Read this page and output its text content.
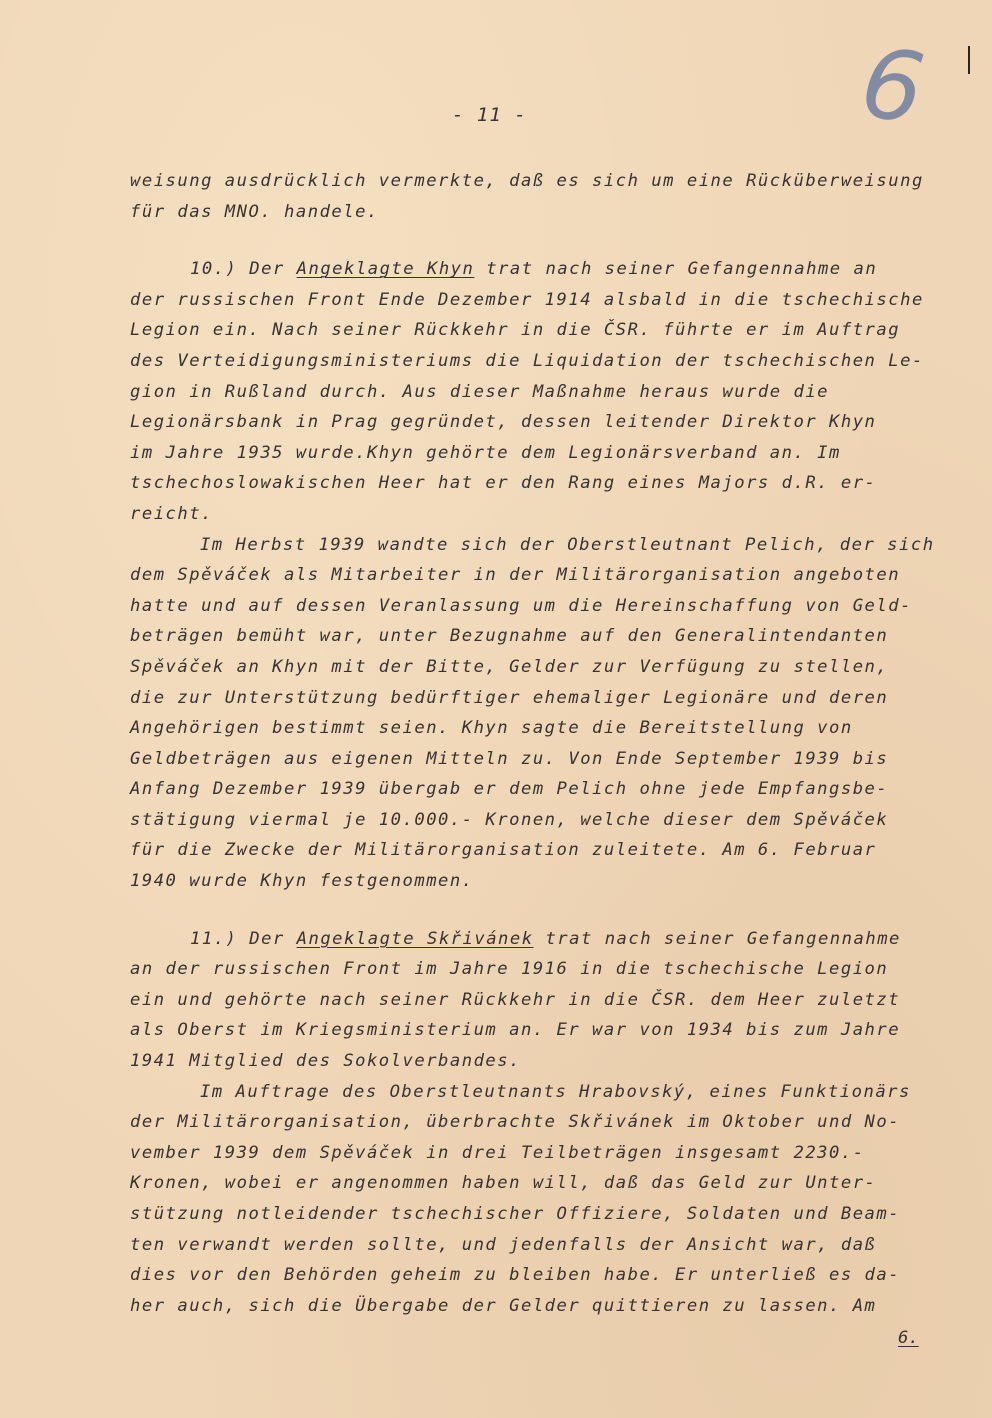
6
- 11 -
weisung ausdrücklich vermerkte, daß es sich um eine Rücküberweisung
für das MNO. handele.
10.) Der Angeklagte Khyn trat nach seiner Gefangennahme an
der russischen Front Ende Dezember 1914 alsbald in die tschechische
Legion ein. Nach seiner Rückkehr in die ČSR. führte er im Auftrag
des Verteidigungsministeriums die Liquidation der tschechischen Le-
gion in Rußland durch. Aus dieser Maßnahme heraus wurde die
Legionärsbank in Prag gegründet, dessen leitender Direktor Khyn
im Jahre 1935 wurde.Khyn gehörte dem Legionärsverband an. Im
tschechoslowakischen Heer hat er den Rang eines Majors d.R. er-
reicht.
Im Herbst 1939 wandte sich der Oberstleutnant Pelich, der sich
dem Spěváček als Mitarbeiter in der Militärorganisation angeboten
hatte und auf dessen Veranlassung um die Hereinschaffung von Geld-
beträgen bemüht war, unter Bezugnahme auf den Generalintendanten
Spěváček an Khyn mit der Bitte, Gelder zur Verfügung zu stellen,
die zur Unterstützung bedürftiger ehemaliger Legionäre und deren
Angehörigen bestimmt seien. Khyn sagte die Bereitstellung von
Geldbeträgen aus eigenen Mitteln zu. Von Ende September 1939 bis
Anfang Dezember 1939 übergab er dem Pelich ohne jede Empfangsbe-
stätigung viermal je 10.000.- Kronen, welche dieser dem Spěváček
für die Zwecke der Militärorganisation zuleitete. Am 6. Februar
1940 wurde Khyn festgenommen.
11.) Der Angeklagte Skřivánek trat nach seiner Gefangennahme
an der russischen Front im Jahre 1916 in die tschechische Legion
ein und gehörte nach seiner Rückkehr in die ČSR. dem Heer zuletzt
als Oberst im Kriegsministerium an. Er war von 1934 bis zum Jahre
1941 Mitglied des Sokolverbandes.
Im Auftrage des Oberstleutnants Hrabovský, eines Funktionärs
der Militärorganisation, überbrachte Skřivánek im Oktober und No-
vember 1939 dem Spěváček in drei Teilbeträgen insgesamt 2230.-
Kronen, wobei er angenommen haben will, daß das Geld zur Unter-
stützung notleidender tschechischer Offiziere, Soldaten und Beam-
ten verwandt werden sollte, und jedenfalls der Ansicht war, daß
dies vor den Behörden geheim zu bleiben habe. Er unterließ es da-
her auch, sich die Übergabe der Gelder quittieren zu lassen. Am
6.
